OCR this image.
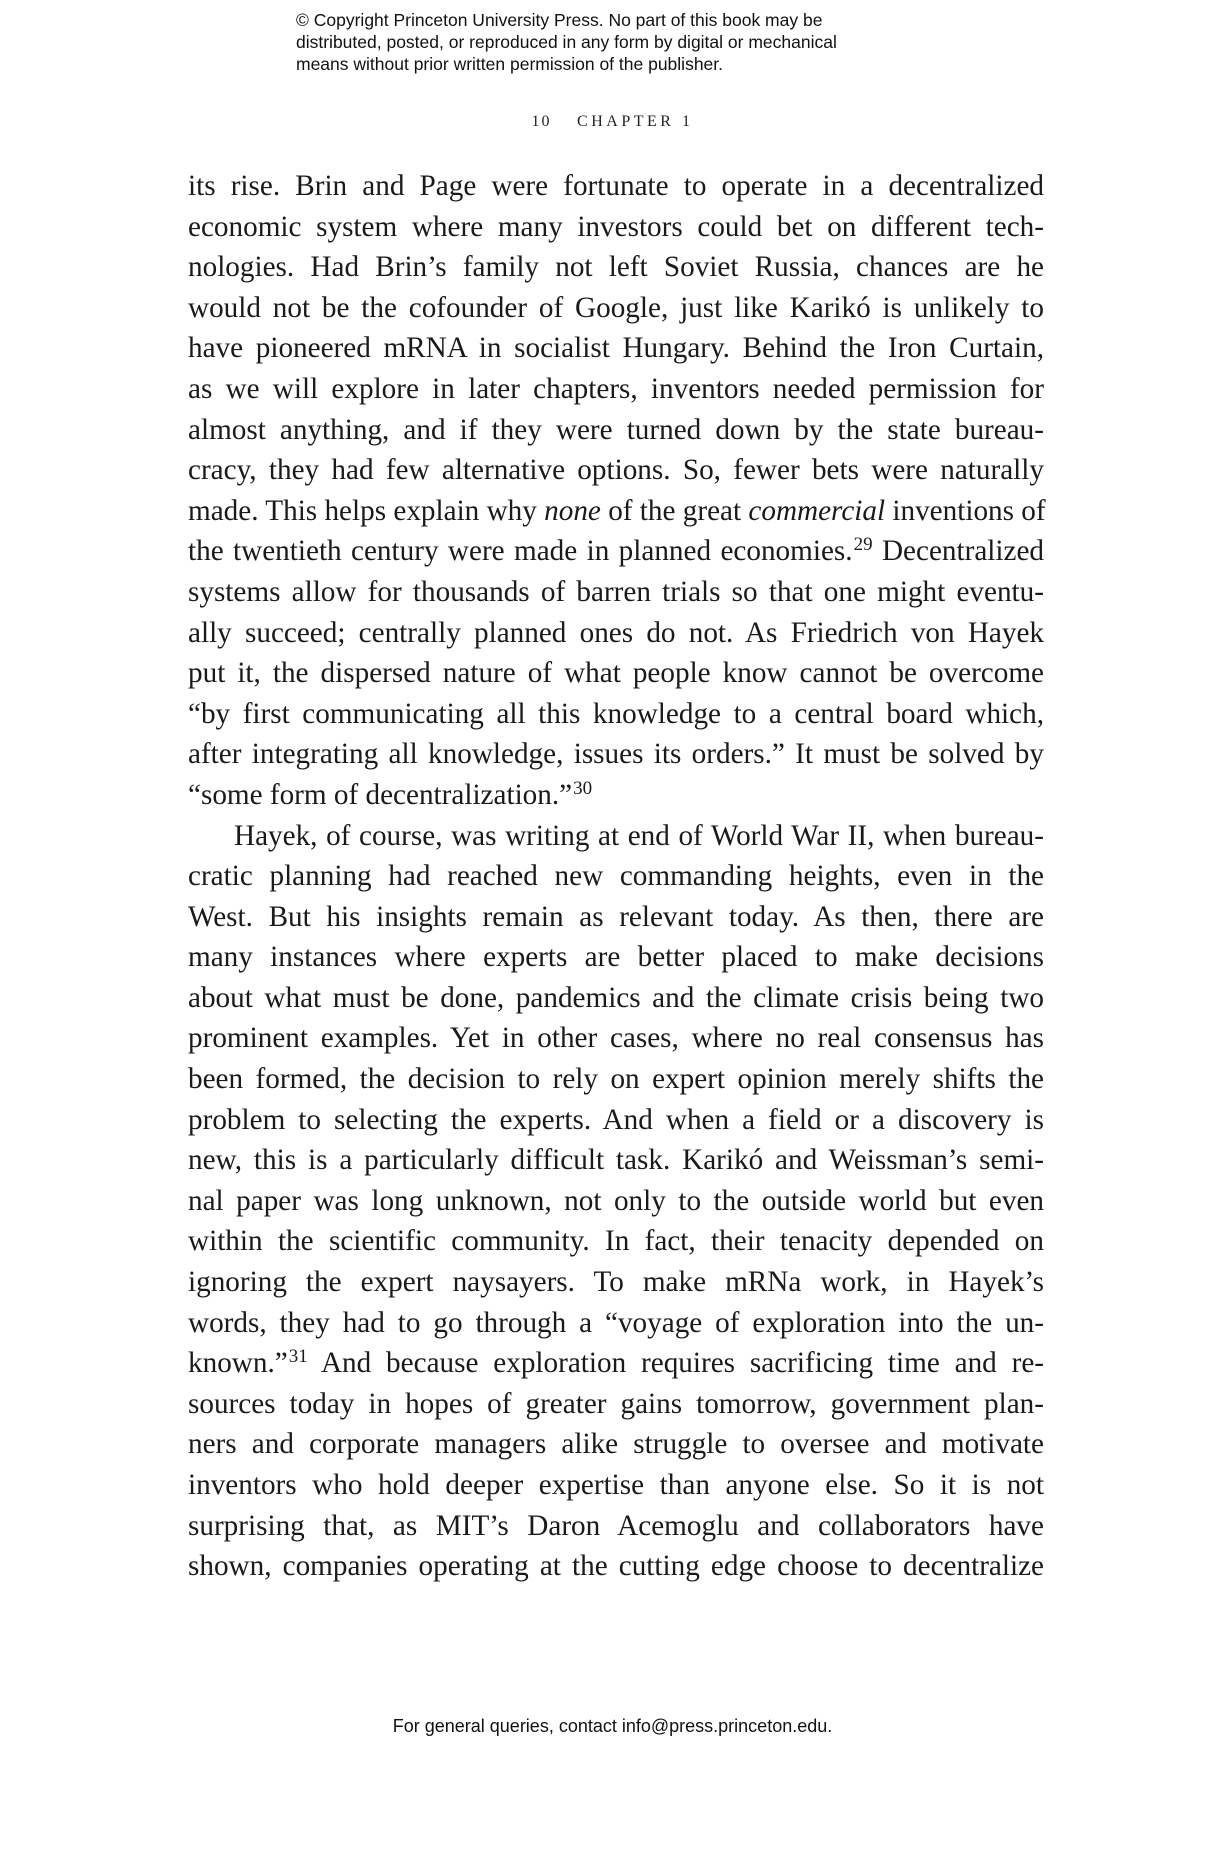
© Copyright Princeton University Press. No part of this book may be
distributed, posted, or reproduced in any form by digital or mechanical
means without prior written permission of the publisher.
10 CHAPTER 1
its rise. Brin and Page were fortunate to operate in a decentralized
economic system where many investors could bet on different tech-
nologies. Had Brin’s family not left Soviet Russia, chances are he
would not be the cofounder of Google, just like Karikó is unlikely to
have pioneered mRNA in socialist Hungary. Behind the Iron Curtain,
as we will explore in later chapters, inventors needed permission for
almost anything, and if they were turned down by the state bureau-
cracy, they had few alternative options. So, fewer bets were naturally
made. This helps explain why none of the great commercial inventions of
the twentieth century were made in planned economies.$^{29}$ Decentralized
systems allow for thousands of barren trials so that one might eventu-
ally succeed; centrally planned ones do not. As Friedrich von Hayek
put it, the dispersed nature of what people know cannot be overcome
“by first communicating all this knowledge to a central board which,
after integrating all knowledge, issues its orders.” It must be solved by
“some form of decentralization.”$^{30}$
Hayek, of course, was writing at end of World War II, when bureau-
cratic planning had reached new commanding heights, even in the
West. But his insights remain as relevant today. As then, there are
many instances where experts are better placed to make decisions
about what must be done, pandemics and the climate crisis being two
prominent examples. Yet in other cases, where no real consensus has
been formed, the decision to rely on expert opinion merely shifts the
problem to selecting the experts. And when a field or a discovery is
new, this is a particularly difficult task. Karikó and Weissman’s semi-
nal paper was long unknown, not only to the outside world but even
within the scientific community. In fact, their tenacity depended on
ignoring the expert naysayers. To make mRNa work, in Hayek’s
words, they had to go through a “voyage of exploration into the un-
known.”$^{31}$ And because exploration requires sacrificing time and re-
sources today in hopes of greater gains tomorrow, government plan-
ners and corporate managers alike struggle to oversee and motivate
inventors who hold deeper expertise than anyone else. So it is not
surprising that, as MIT’s Daron Acemoglu and collaborators have
shown, companies operating at the cutting edge choose to decentralize
For general queries, contact info@press.princeton.edu.
